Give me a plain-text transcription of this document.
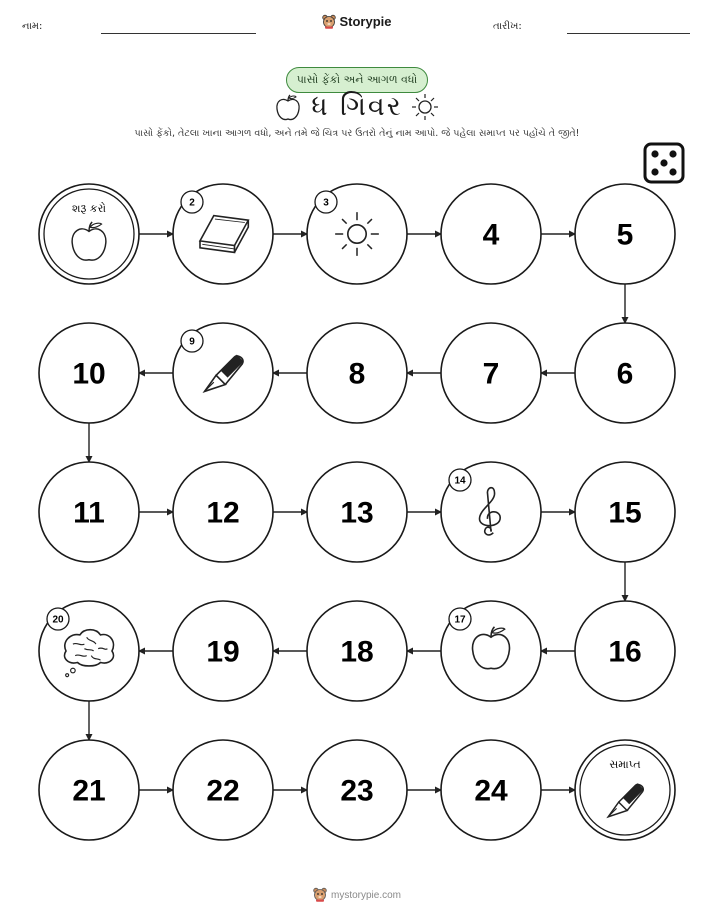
નામ:	Storypie	તારીખ:
પાસો ફેંકો અને આગળ વધો
ધ ગિવર
પાસો ફેંકો, તેટલા ખાના આગળ વધો, અને તમે જે ચિત્ર પર ઉતરો તેનું નામ આપો. જે પહેલા સમાપ્ત પર પહોંચે તે જીતે!
શરૂ કરો	2	3
4	5
6
7
8
9
10
11	12	13
14
15
16
17
18
19
20
21	22	23	24
સમાપ્ત
mystorypie.com
